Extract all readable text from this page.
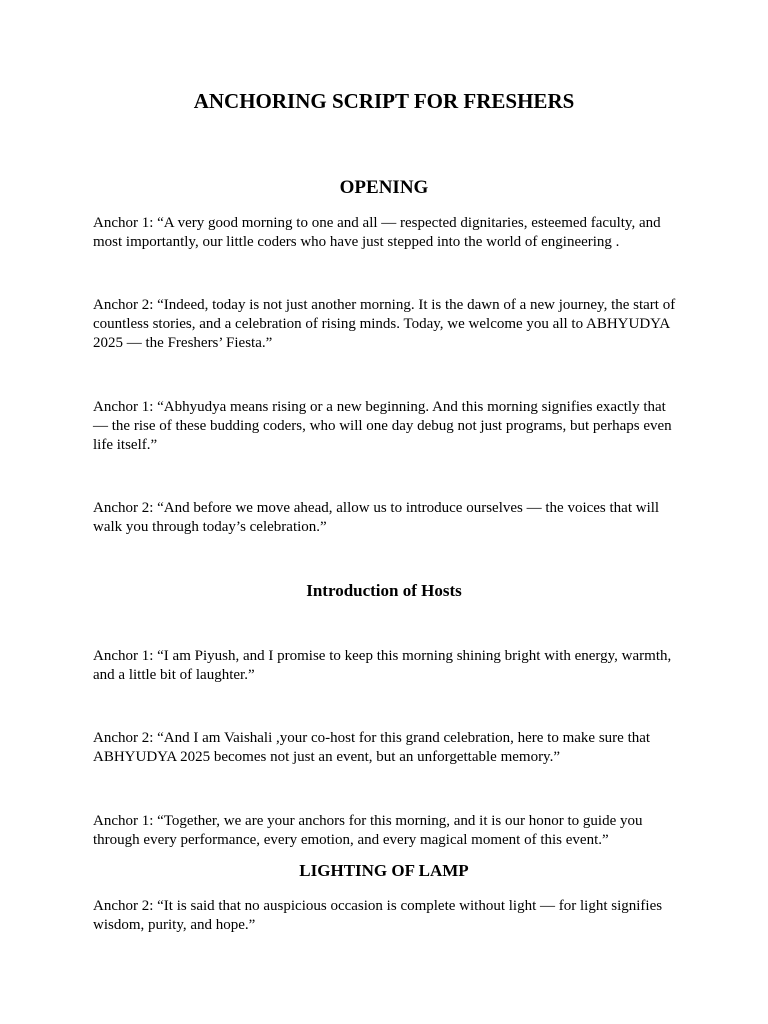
ANCHORING SCRIPT FOR FRESHERS
OPENING

Anchor 1: “A very good morning to one and all — respected dignitaries, esteemed faculty, and most importantly, our little coders who have just stepped into the world of engineering .

Anchor 2: “Indeed, today is not just another morning. It is the dawn of a new journey, the start of countless stories, and a celebration of rising minds. Today, we welcome you all to ABHYUDYA 2025 — the Freshers’ Fiesta.”

Anchor 1: “Abhyudya means rising or a new beginning. And this morning signifies exactly that — the rise of these budding coders, who will one day debug not just programs, but perhaps even life itself.”

Anchor 2: “And before we move ahead, allow us to introduce ourselves — the voices that will walk you through today’s celebration.”

Introduction of Hosts

Anchor 1: “I am Piyush, and I promise to keep this morning shining bright with energy, warmth, and a little bit of laughter.”

Anchor 2: “And I am Vaishali ,your co-host for this grand celebration, here to make sure that ABHYUDYA 2025 becomes not just an event, but an unforgettable memory.”

Anchor 1: “Together, we are your anchors for this morning, and it is our honor to guide you through every performance, every emotion, and every magical moment of this event.”

LIGHTING OF LAMP

Anchor 2: “It is said that no auspicious occasion is complete without light — for light signifies wisdom, purity, and hope.”
